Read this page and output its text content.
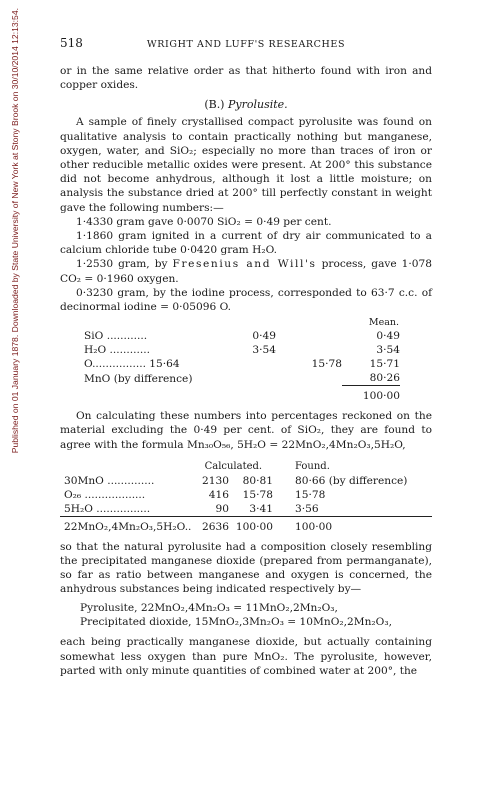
Published on 01 January 1878. Downloaded by State University of New York at Stony Brook on 30/10/2014 12:13:54.	518	WRIGHT AND LUFF'S RESEARCHES

or in the same relative order as that hitherto found with iron and copper oxides.

(B.) Pyrolusite.

A sample of finely crystallised compact pyrolusite was found on qualitative analysis to contain practically nothing but manganese, oxygen, water, and SiO₂; especially no more than traces of iron or other reducible metallic oxides were present. At 200° this substance did not become anhydrous, although it lost a little moisture; on analysis the substance dried at 200° till perfectly constant in weight gave the following numbers:—

1·4330 gram gave 0·0070 SiO₂ = 0·49 per cent.

1·1860 gram ignited in a current of dry air communicated to a calcium chloride tube 0·0420 gram H₂O.

1·2530 gram, by Fresenius and Will's process, gave 1·078 CO₂ = 0·1960 oxygen.

0·3230 gram, by the iodine process, corresponded to 63·7 c.c. of decinormal iodine = 0·05096 O.

			Mean.
SiO ............	0·49		0·49
H₂O ............	3·54		3·54
O................ 15·64		15·78	15·71
MnO (by difference)			80·26
			100·00

On calculating these numbers into percentages reckoned on the material excluding the 0·49 per cent. of SiO₂, they are found to agree with the formula Mn₃₀O₅₆, 5H₂O = 22MnO₂,4Mn₂O₃,5H₂O,

	Calculated.		Found.
30MnO ..............	2130	80·81	80·66 (by difference)
O₂₆ ..................	416	15·78	15·78
5H₂O ................	90	3·41	3·56
22MnO₂,4Mn₂O₃,5H₂O..	2636	100·00	100·00

so that the natural pyrolusite had a composition closely resembling the precipitated manganese dioxide (prepared from permanganate), so far as ratio between manganese and oxygen is concerned, the anhydrous substances being indicated respectively by—

Pyrolusite, 22MnO₂,4Mn₂O₃ = 11MnO₂,2Mn₂O₃,
Precipitated dioxide, 15MnO₂,3Mn₂O₃ = 10MnO₂,2Mn₂O₃,

each being practically manganese dioxide, but actually containing somewhat less oxygen than pure MnO₂. The pyrolusite, however, parted with only minute quantities of combined water at 200°, the
